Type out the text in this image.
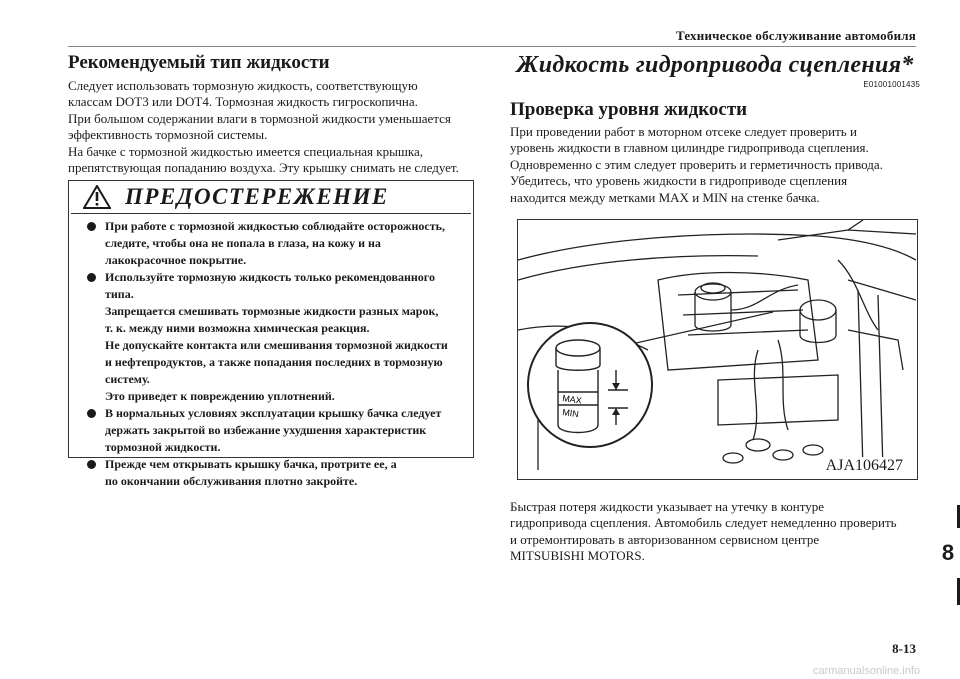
Техническое обслуживание автомобиля
Рекомендуемый тип жидкости

Следует использовать тормозную жидкость, соответствующую

классам DOT3 или DOT4. Тормозная жидкость гигроскопична.

При большом содержании влаги в тормозной жидкости уменьшается

эффективность тормозной системы.

На бачке с тормозной жидкостью имеется специальная крышка,

препятствующая попаданию воздуха. Эту крышку снимать не следует.

ПРЕДОСТЕРЕЖЕНИЕ

При работе с тормозной жидкостью соблюдайте осторожность,

следите, чтобы она не попала в глаза, на кожу и на

лакокрасочное покрытие.

Используйте тормозную жидкость только рекомендованного

типа.

Запрещается смешивать тормозные жидкости разных марок,

т. к. между ними возможна химическая реакция.

Не допускайте контакта или смешивания тормозной жидкости

и нефтепродуктов, а также попадания последних в тормозную

систему.

Это приведет к повреждению уплотнений.

В нормальных условиях эксплуатации крышку бачка следует

держать закрытой во избежание ухудшения характеристик

тормозной жидкости.

Прежде чем открывать крышку бачка, протрите ее, а

по окончании обслуживания плотно закройте.

Жидкость гидропривода сцепления*
E01001001435
Проверка уровня жидкости

При проведении работ в моторном отсеке следует проверить и

уровень жидкости в главном цилиндре гидропривода сцепления.

Одновременно с этим следует проверить и герметичность привода.

Убедитесь, что уровень жидкости в гидроприводе сцепления

находится между метками MAX и MIN на стенке бачка.

MAX
MIN
AJA106427

Быстрая потеря жидкости указывает на утечку в контуре

гидропривода сцепления. Автомобиль следует немедленно проверить

и отремонтировать в авторизованном сервисном центре

MITSUBISHI MOTORS.	8
8-13
carmanualsonline.info
